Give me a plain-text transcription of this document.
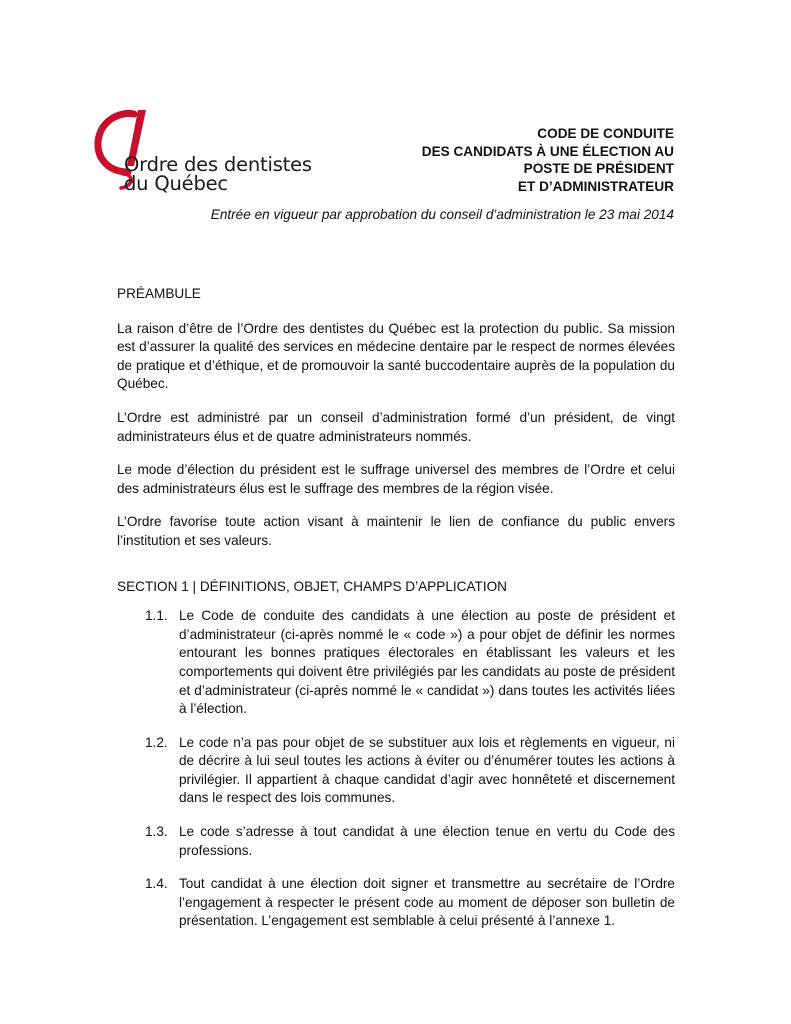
Ordre des dentistes
du Québec
CODE DE CONDUITE
DES CANDIDATS À UNE ÉLECTION AU
POSTE DE PRÉSIDENT
ET D’ADMINISTRATEUR
Entrée en vigueur par approbation du conseil d’administration le 23 mai 2014
PRÉAMBULE

La raison d’être de l’Ordre des dentistes du Québec est la protection du public. Sa mission est d’assurer la qualité des services en médecine dentaire par le respect de normes élevées de pratique et d’éthique, et de promouvoir la santé buccodentaire auprès de la population du Québec.

L’Ordre est administré par un conseil d’administration formé d’un président, de vingt administrateurs élus et de quatre administrateurs nommés.

Le mode d’élection du président est le suffrage universel des membres de l’Ordre et celui des administrateurs élus est le suffrage des membres de la région visée.

L’Ordre favorise toute action visant à maintenir le lien de confiance du public envers l’institution et ses valeurs.

SECTION 1 | DÉFINITIONS, OBJET, CHAMPS D’APPLICATION
1.1. Le Code de conduite des candidats à une élection au poste de président et d’administrateur (ci-après nommé le « code ») a pour objet de définir les normes entourant les bonnes pratiques électorales en établissant les valeurs et les comportements qui doivent être privilégiés par les candidats au poste de président et d’administrateur (ci-après nommé le « candidat ») dans toutes les activités liées à l’élection.
1.2. Le code n’a pas pour objet de se substituer aux lois et règlements en vigueur, ni de décrire à lui seul toutes les actions à éviter ou d’énumérer toutes les actions à privilégier. Il appartient à chaque candidat d’agir avec honnêteté et discernement dans le respect des lois communes.
1.3. Le code s’adresse à tout candidat à une élection tenue en vertu du Code des professions.
1.4. Tout candidat à une élection doit signer et transmettre au secrétaire de l’Ordre l’engagement à respecter le présent code au moment de déposer son bulletin de présentation. L’engagement est semblable à celui présenté à l’annexe 1.
